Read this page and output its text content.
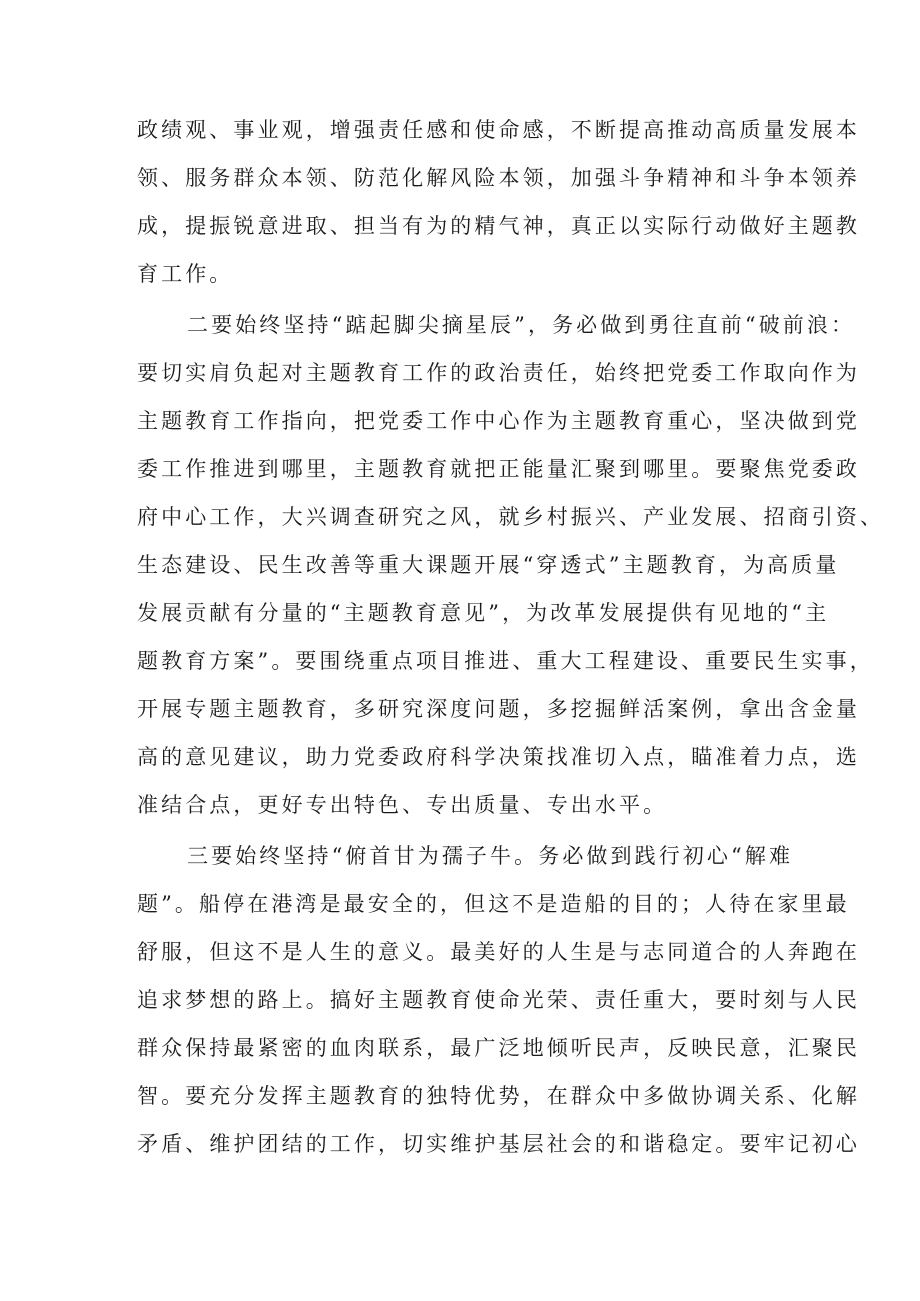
政绩观、事业观，增强责任感和使命感，不断提高推动高质量发展本
领、服务群众本领、防范化解风险本领，加强斗争精神和斗争本领养
成，提振锐意进取、担当有为的精气神，真正以实际行动做好主题教
育工作。
二要始终坚持“踮起脚尖摘星辰”，务必做到勇往直前“破前浪：
要切实肩负起对主题教育工作的政治责任，始终把党委工作取向作为
主题教育工作指向，把党委工作中心作为主题教育重心，坚决做到党
委工作推进到哪里，主题教育就把正能量汇聚到哪里。要聚焦党委政
府中心工作，大兴调查研究之风，就乡村振兴、产业发展、招商引资、
生态建设、民生改善等重大课题开展“穿透式”主题教育，为高质量
发展贡献有分量的“主题教育意见”，为改革发展提供有见地的“主
题教育方案”。要围绕重点项目推进、重大工程建设、重要民生实事，
开展专题主题教育，多研究深度问题，多挖掘鲜活案例，拿出含金量
高的意见建议，助力党委政府科学决策找准切入点，瞄准着力点，选
准结合点，更好专出特色、专出质量、专出水平。
三要始终坚持“俯首甘为孺子牛。务必做到践行初心“解难
题”。船停在港湾是最安全的，但这不是造船的目的；人待在家里最
舒服，但这不是人生的意义。最美好的人生是与志同道合的人奔跑在
追求梦想的路上。搞好主题教育使命光荣、责任重大，要时刻与人民
群众保持最紧密的血肉联系，最广泛地倾听民声，反映民意，汇聚民
智。要充分发挥主题教育的独特优势，在群众中多做协调关系、化解
矛盾、维护团结的工作，切实维护基层社会的和谐稳定。要牢记初心
